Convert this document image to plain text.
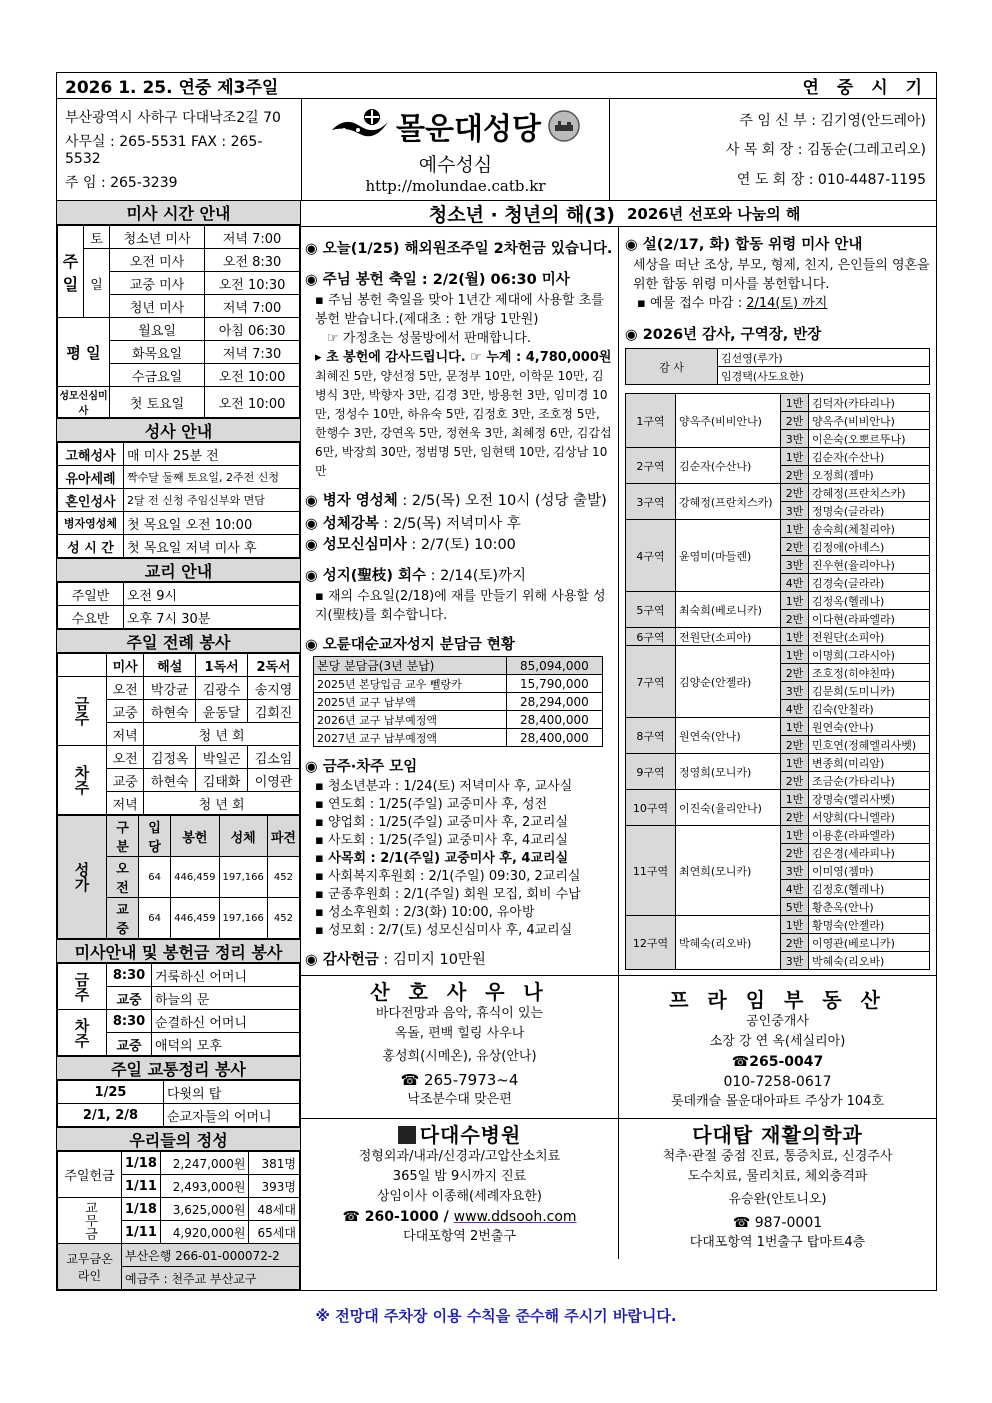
2026 1. 25. 연중 제3주일	연 중 시 기
부산광역시 사하구 다대낙조2길 70
사무실 : 265-5531 FAX : 265-5532
주 임 : 265-3239
몰운대성당
예수성심
http://molundae.catb.kr
주 임 신 부 : 김기영(안드레아)
사 목 회 장 : 김동순(그레고리오)
연 도 회 장 : 010-4487-1195
미사 시간 안내
주일	토	청소년 미사	저녁 7:00
	일	오전 미사	오전 8:30
		교중 미사	오전 10:30
		청년 미사	저녁 7:00
평 일		월요일	아침 06:30
		화목요일	저녁 7:30
		수금요일	오전 10:00
성모신심미사		첫 토요일	오전 10:00
성사 안내
고해성사	매 미사 25분 전
유아세례	짝수달 둘째 토요일, 2주전 신청
혼인성사	2달 전 신청 주임신부와 면담
병자영성체	첫 목요일 오전 10:00
성 시 간	첫 목요일 저녁 미사 후
교리 안내
주일반	오전 9시
수요반	오후 7시 30분
주일 전례 봉사
	미사	해설	1독서	2독서
금주	오전	박강균	김광수	송지영
	교중	하현숙	윤동달	김회진
	저녁	청 년 회		
차주	오전	김정옥	박일곤	김소임
	교중	하현숙	김태화	이영관
	저녁	청 년 회		
성가	구분	입당	봉헌	성체	파견
	오전	64	446,459	197,166	452
	교중	64	446,459	197,166	452
미사안내 및 봉헌금 정리 봉사
금주	8:30	거룩하신 어머니
	교중	하늘의 문
차주	8:30	순결하신 어머니
	교중	애덕의 모후
주일 교통정리 봉사
1/25	다윗의 탑
2/1, 2/8	순교자들의 어머니
우리들의 정성
주일헌금	1/18	2,247,000원	381명
	1/11	2,493,000원	393명
교무금	1/18	3,625,000원	48세대
	1/11	4,920,000원	65세대
교무금온라인	부산은행 266-01-000072-2		
	예금주 : 천주교 부산교구		
청소년 · 청년의 해(3) 2026년 선포와 나눔의 해
◉ 오늘(1/25) 해외원조주일 2차헌금 있습니다.
◉ 주님 봉헌 축일 : 2/2(월) 06:30 미사
▪ 주님 봉헌 축일을 맞아 1년간 제대에 사용할 초를 봉헌 받습니다.(제대초 : 한 개당 1만원)
☞ 가정초는 성물방에서 판매합니다.
▸ 초 봉헌에 감사드립니다. ☞ 누계 : 4,780,000원
최혜진 5만, 양선정 5만, 문정부 10만, 이학문 10만, 김병식 3만, 박향자 3만, 김경 3만, 방용헌 3만, 임미경 10만, 정성수 10만, 하유숙 5만, 김정호 3만, 조호정 5만, 한행수 3만, 강연옥 5만, 정현욱 3만, 최혜정 6만, 김갑섭 6만, 박장희 30만, 정범명 5만, 임현택 10만, 김상남 10만
◉ 병자 영성체 : 2/5(목) 오전 10시 (성당 출발)
◉ 성체강복 : 2/5(목) 저녁미사 후
◉ 성모신심미사 : 2/7(토) 10:00
◉ 성지(聖枝) 회수 : 2/14(토)까지
▪ 재의 수요일(2/18)에 재를 만들기 위해 사용할 성지(聖枝)를 회수합니다.
◉ 오륜대순교자성지 분담금 현황
본당 분담금(3년 분납)	85,094,000
2025년 본당입금 교우 뻴랑카	15,790,000
2025년 교구 납부액	28,294,000
2026년 교구 납부예정액	28,400,000
2027년 교구 납부예정액	28,400,000
◉ 금주·차주 모임
▪ 청소년분과 : 1/24(토) 저녁미사 후, 교사실
▪ 연도회 : 1/25(주일) 교중미사 후, 성전
▪ 양업회 : 1/25(주일) 교중미사 후, 2교리실
▪ 사도회 : 1/25(주일) 교중미사 후, 4교리실
▪ 사목회 : 2/1(주일) 교중미사 후, 4교리실
▪ 사회복지후원회 : 2/1(주일) 09:30, 2교리실
▪ 군종후원회 : 2/1(주일) 회원 모집, 회비 수납
▪ 성소후원회 : 2/3(화) 10:00, 유아방
▪ 성모회 : 2/7(토) 성모신심미사 후, 4교리실
◉ 감사헌금 : 김미지 10만원
◉ 설(2/17, 화) 합동 위령 미사 안내
세상을 떠난 조상, 부모, 형제, 친지, 은인들의 영혼을 위한 합동 위령 미사를 봉헌합니다.
▪ 예물 접수 마감 : 2/14(토) 까지
◉ 2026년 감사, 구역장, 반장
감 사	김선영(루가)
임경택(사도요한)
1구역	양옥주(비비안나)	1반	김덕자(카타리나)
		2반	양옥주(비비안나)
		3반	이은숙(오뽀르뚜나)
2구역	김순자(수산나)	1반	김순자(수산나)
		2반	오정희(젬마)
3구역	강혜정(프란치스카)	2반	강혜정(프란치스카)
		3반	정명숙(글라라)
4구역	윤영미(마들렌)	1반	송숙희(체칠리아)
		2반	김정애(아녜스)
		3반	진우현(율리아나)
		4반	김경숙(글라라)
5구역	최숙희(베로니카)	1반	김정옥(헬레나)
		2반	이다현(라파엘라)
6구역	전원단(소피아)	1반	전원단(소피아)
7구역	김양순(안젤라)	1반	이명희(그라시아)
		2반	조호정(히야친따)
		3반	김문희(도미니카)
		4반	김숙(안칠라)
8구역	원연숙(안나)	1반	원연숙(안나)
		2반	민호연(정혜엘리사벳)
9구역	정영희(모니카)	1반	변종희(미리암)
		2반	조금순(가타리나)
10구역	이진숙(율리안나)	1반	장명숙(엘리사벳)
		2반	서양희(다니엘라)
11구역	최연희(모니카)	1반	이용훈(라파엘라)
		2반	김은경(세라피나)
		3반	이미영(젬마)
		4반	김정호(헬레나)
		5반	황춘옥(안나)
12구역	박혜숙(리오바)	1반	황명숙(안젤라)
		2반	이영관(베로니카)
		3반	박혜숙(리오바)
산 호 사 우 나
바다전망과 음악, 휴식이 있는
옥돌, 편백 힐링 사우나
홍성희(시메온), 유상(안나)
☎ 265-7973~4
낙조분수대 맞은편
프 라 임 부 동 산
공인중개사
소장 강 연 옥(세실리아)
☎265-0047
010-7258-0617
롯데캐슬 몰운대아파트 주상가 104호
다대수병원
정형외과/내과/신경과/고압산소치료
365일 밤 9시까지 진료
상임이사 이종해(세례자요한)
☎ 260-1000 / www.ddsooh.com
다대포항역 2번출구
다대탑 재활의학과
척추·관절 중점 진료, 통증치료, 신경주사
도수치료, 물리치료, 체외충격파
유승완(안토니오)
☎ 987-0001
다대포항역 1번출구 탑마트4층
※ 전망대 주차장 이용 수칙을 준수해 주시기 바랍니다.
